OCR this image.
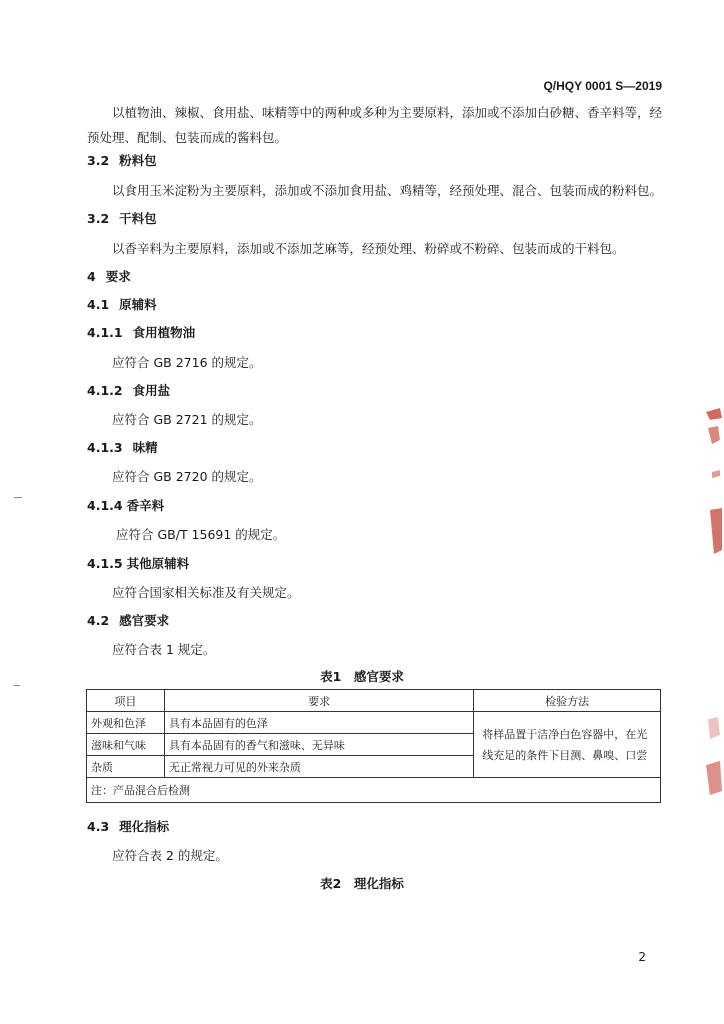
Q/HQY 0001 S—2019
以植物油、辣椒、食用盐、味精等中的两种或多种为主要原料，添加或不添加白砂糖、香辛料等，经预处理、配制、包装而成的酱料包。
3.2 粉料包
以食用玉米淀粉为主要原料，添加或不添加食用盐、鸡精等，经预处理、混合、包装而成的粉料包。
3.2 干料包
以香辛料为主要原料，添加或不添加芝麻等，经预处理、粉碎或不粉碎、包装而成的干料包。
4 要求
4.1 原辅料
4.1.1 食用植物油
应符合 GB 2716 的规定。
4.1.2 食用盐
应符合 GB 2721 的规定。
4.1.3 味精
应符合 GB 2720 的规定。
4.1.4 香辛料
应符合 GB/T 15691 的规定。
4.1.5 其他原辅料
应符合国家相关标准及有关规定。
4.2 感官要求
应符合表 1 规定。
表1　感官要求
项目	要求	检验方法
外观和色泽	具有本品固有的色泽	将样品置于洁净白色容器中，在光线充足的条件下目测、鼻嗅、口尝
滋味和气味	具有本品固有的香气和滋味、无异味	
杂质	无正常视力可见的外来杂质	
注：产品混合后检测		
4.3 理化指标
应符合表 2 的规定。
表2　理化指标
2
